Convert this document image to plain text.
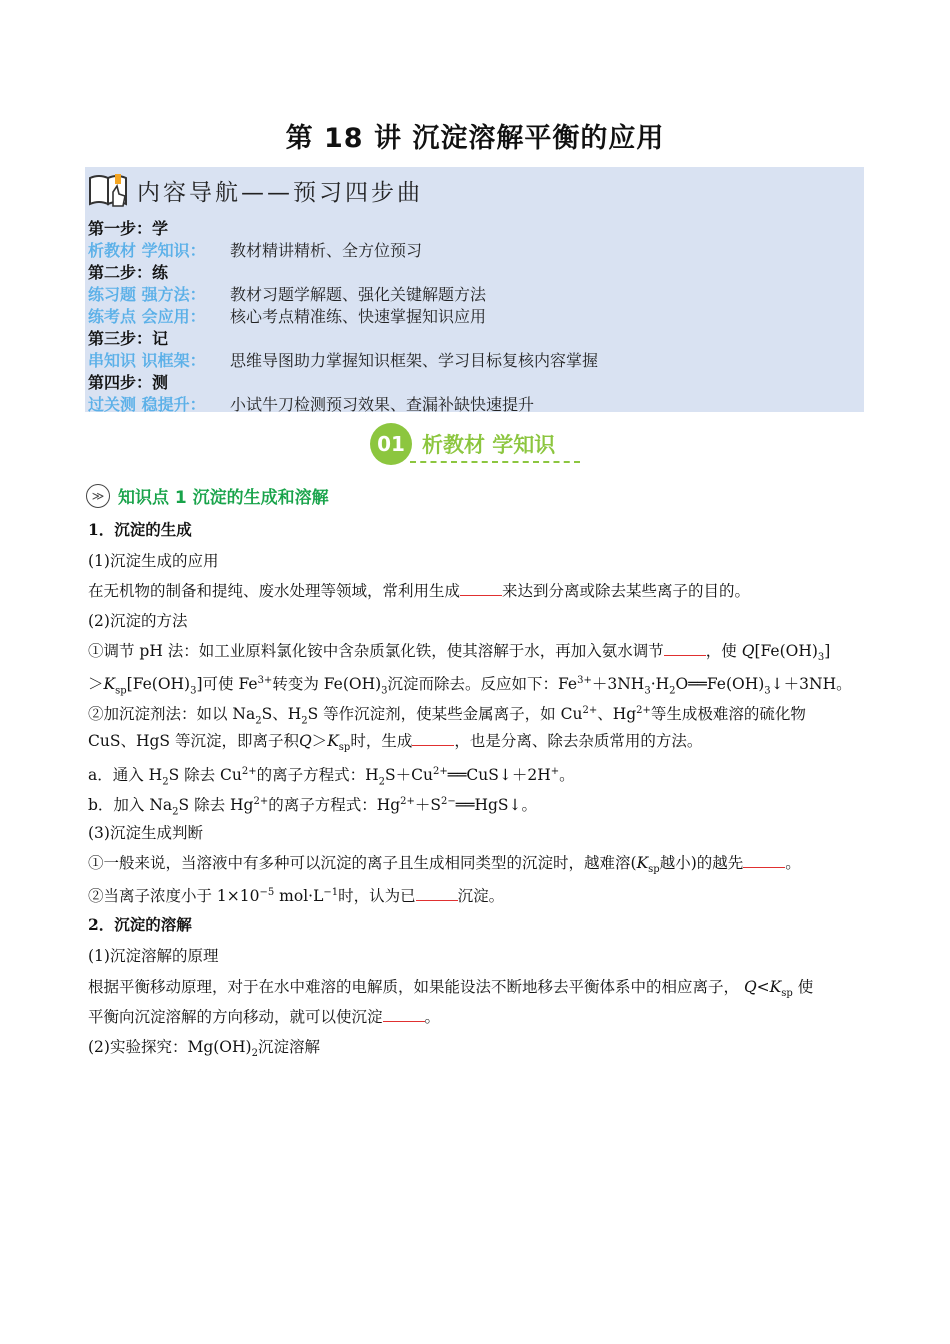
第 18 讲 沉淀溶解平衡的应用
内容导航——预习四步曲
第一步：学
析教材 学知识： 教材精讲精析、全方位预习
第二步：练
练习题 强方法： 教材习题学解题、强化关键解题方法
练考点 会应用： 核心考点精准练、快速掌握知识应用
第三步：记
串知识 识框架： 思维导图助力掌握知识框架、学习目标复核内容掌握
第四步：测
过关测 稳提升： 小试牛刀检测预习效果、查漏补缺快速提升
01 析教材 学知识
≫ 知识点 1 沉淀的生成和溶解
1．沉淀的生成
(1)沉淀生成的应用
在无机物的制备和提纯、废水处理等领域，常利用生成	来达到分离或除去某些离子的目的。
(2)沉淀的方法
①调节 pH 法：如工业原料氯化铵中含杂质氯化铁，使其溶解于水，再加入氨水调节	，使 $Q[Fe(OH)_3]$
$>K_{sp}[Fe(OH)_3]$可使 $Fe^{3+}$转变为 $Fe(OH)_3$沉淀而除去。反应如下：$Fe^{3+}+3NH_3\cdot H_2O══Fe(OH)_3↓+3NH$。
②加沉淀剂法：如以 $Na_2S$、$H_2S$ 等作沉淀剂，使某些金属离子，如 $Cu^{2+}$、$Hg^{2+}$等生成极难溶的硫化物
CuS、HgS 等沉淀，即离子积$Q>K_{sp}$时，生成	，也是分离、除去杂质常用的方法。
a．通入 $H_2S$ 除去 $Cu^{2+}$的离子方程式：$H_2S+Cu^{2+}══CuS↓+2H^+$。
b．加入 $Na_2S$ 除去 $Hg^{2+}$的离子方程式：$Hg^{2+}+S^{2-}══HgS↓$。
(3)沉淀生成判断
①一般来说，当溶液中有多种可以沉淀的离子且生成相同类型的沉淀时，越难溶($K_{sp}$越小)的越先	。
②当离子浓度小于 $1\times 10^{-5}$ $mol\cdot L^{-1}$时，认为已	沉淀。
2．沉淀的溶解
(1)沉淀溶解的原理
根据平衡移动原理，对于在水中难溶的电解质，如果能设法不断地移去平衡体系中的相应离子， $Q<K_{sp}$ 使
平衡向沉淀溶解的方向移动，就可以使沉淀	。
(2)实验探究：$Mg(OH)_2$沉淀溶解
